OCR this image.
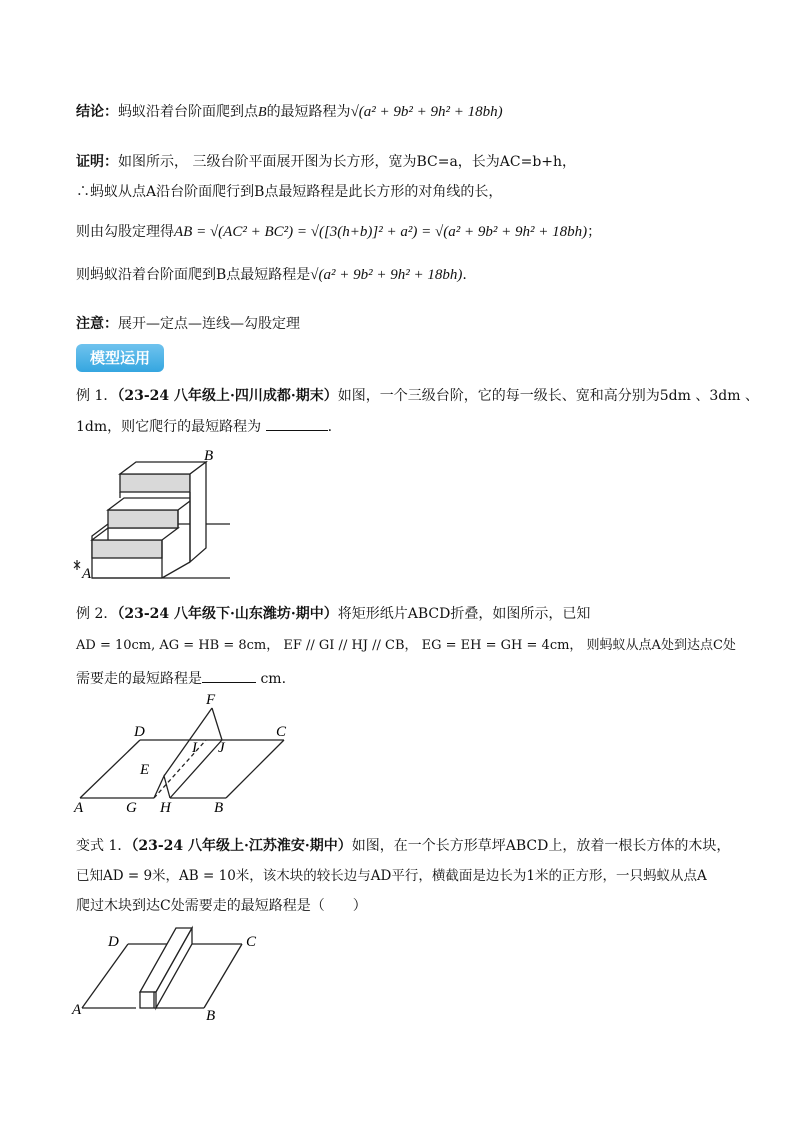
结论：蚂蚁沿着台阶面爬到点B的最短路程为√(a² + 9b² + 9h² + 18bh)
证明：如图所示， 三级台阶平面展开图为长方形，宽为BC=a，长为AC=b+h，
∴蚂蚁从点A沿台阶面爬行到B点最短路程是此长方形的对角线的长，
则由勾股定理得AB = √(AC² + BC²) = √([3(h+b)]² + a²) = √(a² + 9b² + 9h² + 18bh)；
则蚂蚁沿着台阶面爬到B点最短路程是√(a² + 9b² + 9h² + 18bh).
注意：展开—定点—连线—勾股定理
模型运用
例 1．（23-24 八年级上·四川成都·期末）如图，一个三级台阶，它的每一级长、宽和高分别为5dm 、3dm 、
1dm，则它爬行的最短路程为	.
B
A
例 2．（23-24 八年级下·山东潍坊·期中）将矩形纸片ABCD折叠，如图所示，已知
AD = 10cm, AG = HB = 8cm， EF // GI // HJ // CB， EG = EH = GH = 4cm， 则蚂蚁从点A处到达点C处
需要走的最短路程是	cm.
D
F
C
I J
E
A	G H	B
变式 1．（23-24 八年级上·江苏淮安·期中）如图，在一个长方形草坪ABCD上，放着一根长方体的木块，
已知AD = 9米，AB = 10米，该木块的较长边与AD平行，横截面是边长为1米的正方形，一只蚂蚁从点A
爬过木块到达C处需要走的最短路程是（　　）
D	C
A	B
